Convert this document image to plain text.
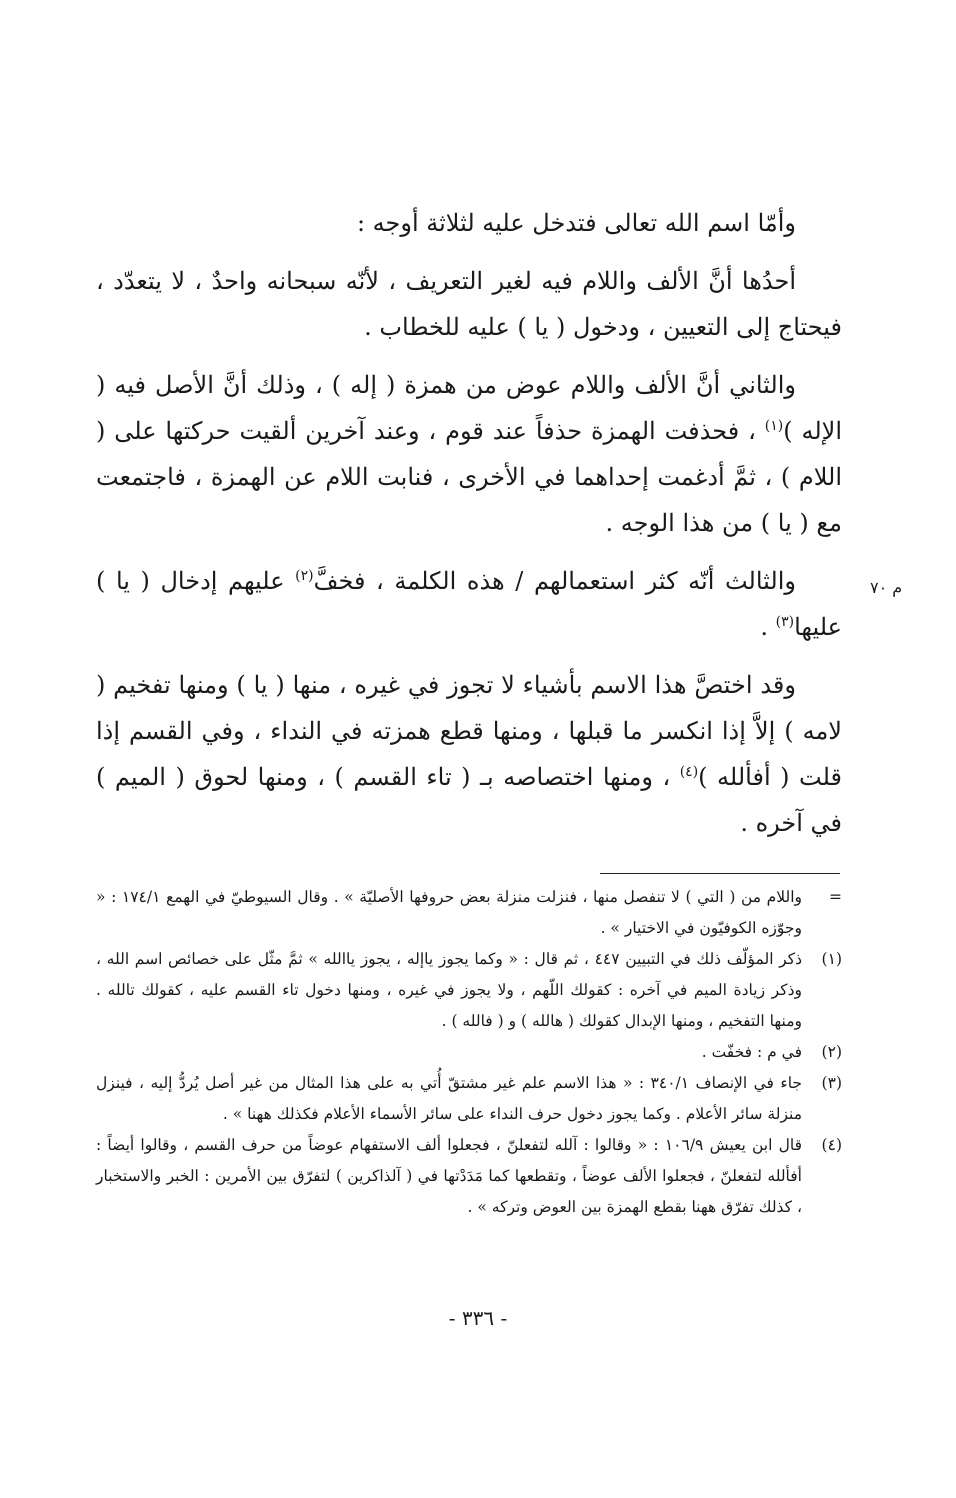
وأمّا اسم الله تعالى فتدخل عليه لثلاثة أوجه :

أحدُها أنَّ الألف واللام فيه لغير التعريف ، لأنّه سبحانه واحدٌ ، لا يتعدّد ، فيحتاج إلى التعيين ، ودخول ( يا ) عليه للخطاب .

والثاني أنَّ الألف واللام عوض من همزة ( إله ) ، وذلك أنَّ الأصل فيه ( الإله )$^{(١)}$ ، فحذفت الهمزة حذفاً عند قوم ، وعند آخرين ألقيت حركتها على ( اللام ) ، ثمَّ أدغمت إحداهما في الأخرى ، فنابت اللام عن الهمزة ، فاجتمعت مع ( يا ) من هذا الوجه .

والثالث أنّه كثر استعمالهم / هذه الكلمة ، فخفَّ$^{(٢)}$ عليهم إدخال ( يا ) عليها$^{(٣)}$ .

وقد اختصَّ هذا الاسم بأشياء لا تجوز في غيره ، منها ( يا ) ومنها تفخيم ( لامه ) إلاَّ إذا انكسر ما قبلها ، ومنها قطع همزته في النداء ، وفي القسم إذا قلت ( أفألله )$^{(٤)}$ ، ومنها اختصاصه بـ ( تاء القسم ) ، ومنها لحوق ( الميم ) في آخره .

م ٧٠
=
واللام من ( التي ) لا تنفصل منها ، فنزلت منزلة بعض حروفها الأصليّة » . وقال السيوطيّ في الهمع ١٧٤/١ : « وجوّزه الكوفيّون في الاختيار » .
(١)
ذكر المؤلّف ذلك في التبيين ٤٤٧ ، ثم قال : « وكما يجوز ياإله ، يجوز ياالله » ثمَّ مثّل على خصائص اسم الله ، وذكر زيادة الميم في آخره : كقولك اللّهم ، ولا يجوز في غيره ، ومنها دخول تاء القسم عليه ، كقولك تالله . ومنها التفخيم ، ومنها الإبدال كقولك ( هالله ) و ( فالله ) .
(٢)
في م : فخفّت .
(٣)
جاء في الإنصاف ٣٤٠/١ : « هذا الاسم علم غير مشتقّ أُتي به على هذا المثال من غير أصل يُردُّ إليه ، فينزل منزلة سائر الأعلام . وكما يجوز دخول حرف النداء على سائر الأسماء الأعلام فكذلك ههنا » .
(٤)
قال ابن يعيش ١٠٦/٩ : « وقالوا : آلله لتفعلنّ ، فجعلوا ألف الاستفهام عوضاً من حرف القسم ، وقالوا أيضاً : أفألله لتفعلنّ ، فجعلوا الألف عوضاً ، وتقطعها كما مَدَدْتها في ( آلذاكرين ) لتفرّق بين الأمرين : الخبر والاستخبار ، كذلك تفرّق ههنا بقطع الهمزة بين العوض وتركه » .
- ٣٣٦ -
